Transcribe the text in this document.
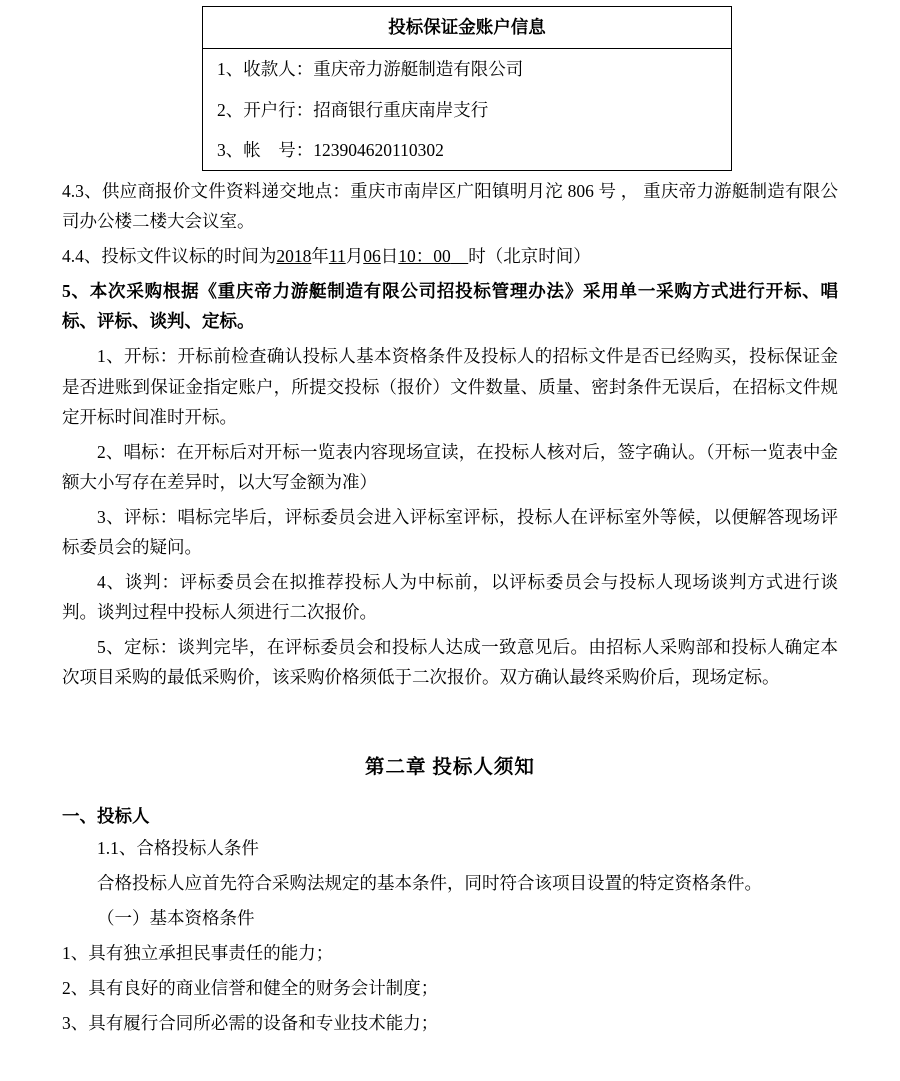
投标保证金账户信息
1、收款人：重庆帝力游艇制造有限公司
2、开户行：招商银行重庆南岸支行
3、帐　号：123904620110302

4.3、供应商报价文件资料递交地点：重庆市南岸区广阳镇明月沱 806 号 ， 重庆帝力游艇制造有限公司办公楼二楼大会议室。

4.4、投标文件议标的时间为2018年11月06日10：00 时（北京时间）

5、本次采购根据《重庆帝力游艇制造有限公司招投标管理办法》采用单一采购方式进行开标、唱标、评标、谈判、定标。

1、开标：开标前检查确认投标人基本资格条件及投标人的招标文件是否已经购买，投标保证金是否进账到保证金指定账户，所提交投标（报价）文件数量、质量、密封条件无误后，在招标文件规定开标时间准时开标。

2、唱标：在开标后对开标一览表内容现场宣读，在投标人核对后，签字确认。（开标一览表中金额大小写存在差异时，以大写金额为准）

3、评标：唱标完毕后，评标委员会进入评标室评标，投标人在评标室外等候，以便解答现场评标委员会的疑问。

4、谈判：评标委员会在拟推荐投标人为中标前，以评标委员会与投标人现场谈判方式进行谈判。谈判过程中投标人须进行二次报价。

5、定标：谈判完毕，在评标委员会和投标人达成一致意见后。由招标人采购部和投标人确定本次项目采购的最低采购价，该采购价格须低于二次报价。双方确认最终采购价后，现场定标。

第二章 投标人须知
一、投标人

1.1、合格投标人条件

合格投标人应首先符合采购法规定的基本条件，同时符合该项目设置的特定资格条件。

（一）基本资格条件

1、具有独立承担民事责任的能力；

2、具有良好的商业信誉和健全的财务会计制度；

3、具有履行合同所必需的设备和专业技术能力；
